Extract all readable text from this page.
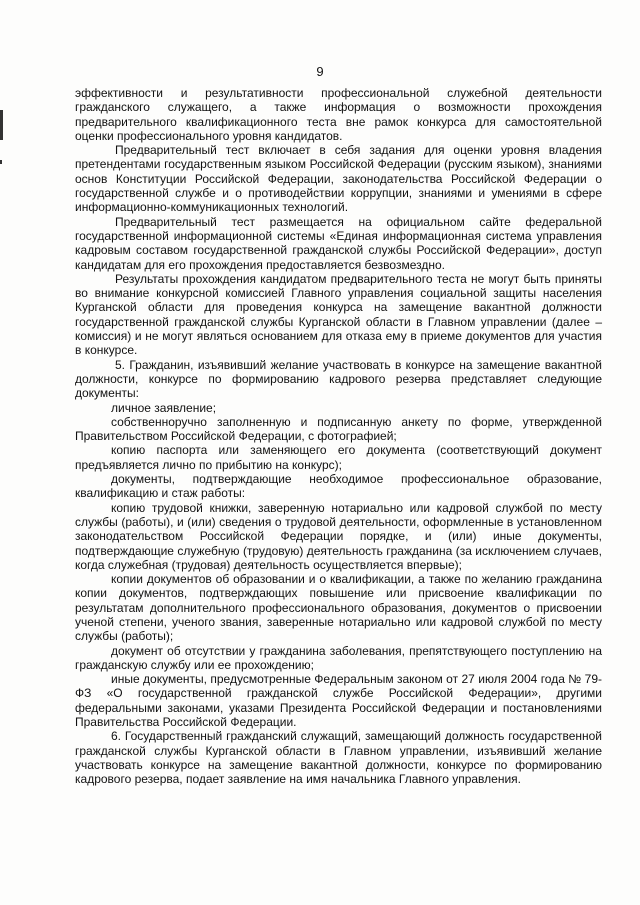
9

эффективности и результативности профессиональной служебной деятельности гражданского служащего, а также информация о возможности прохождения предварительного квалификационного теста вне рамок конкурса для самостоятельной оценки профессионального уровня кандидатов.

Предварительный тест включает в себя задания для оценки уровня владения претендентами государственным языком Российской Федерации (русским языком), знаниями основ Конституции Российской Федерации, законодательства Российской Федерации о государственной службе и о противодействии коррупции, знаниями и умениями в сфере информационно-коммуникационных технологий.

Предварительный тест размещается на официальном сайте федеральной государственной информационной системы «Единая информационная система управления кадровым составом государственной гражданской службы Российской Федерации», доступ кандидатам для его прохождения предоставляется безвозмездно.

Результаты прохождения кандидатом предварительного теста не могут быть приняты во внимание конкурсной комиссией Главного управления социальной защиты населения Курганской области для проведения конкурса на замещение вакантной должности государственной гражданской службы Курганской области в Главном управлении (далее – комиссия) и не могут являться основанием для отказа ему в приеме документов для участия в конкурсе.

5. Гражданин, изъявивший желание участвовать в конкурсе на замещение вакантной должности, конкурсе по формированию кадрового резерва представляет следующие документы:

личное заявление;

собственноручно заполненную и подписанную анкету по форме, утвержденной Правительством Российской Федерации, с фотографией;

копию паспорта или заменяющего его документа (соответствующий документ предъявляется лично по прибытию на конкурс);

документы, подтверждающие необходимое профессиональное образование, квалификацию и стаж работы:

копию трудовой книжки, заверенную нотариально или кадровой службой по месту службы (работы), и (или) сведения о трудовой деятельности, оформленные в установленном законодательством Российской Федерации порядке, и (или) иные документы, подтверждающие служебную (трудовую) деятельность гражданина (за исключением случаев, когда служебная (трудовая) деятельность осуществляется впервые);

копии документов об образовании и о квалификации, а также по желанию гражданина копии документов, подтверждающих повышение или присвоение квалификации по результатам дополнительного профессионального образования, документов о присвоении ученой степени, ученого звания, заверенные нотариально или кадровой службой по месту службы (работы);

документ об отсутствии у гражданина заболевания, препятствующего поступлению на гражданскую службу или ее прохождению;

иные документы, предусмотренные Федеральным законом от 27 июля 2004 года № 79-ФЗ «О государственной гражданской службе Российской Федерации», другими федеральными законами, указами Президента Российской Федерации и постановлениями Правительства Российской Федерации.

6. Государственный гражданский служащий, замещающий должность государственной гражданской службы Курганской области в Главном управлении, изъявивший желание участвовать конкурсе на замещение вакантной должности, конкурсе по формированию кадрового резерва, подает заявление на имя начальника Главного управления.
